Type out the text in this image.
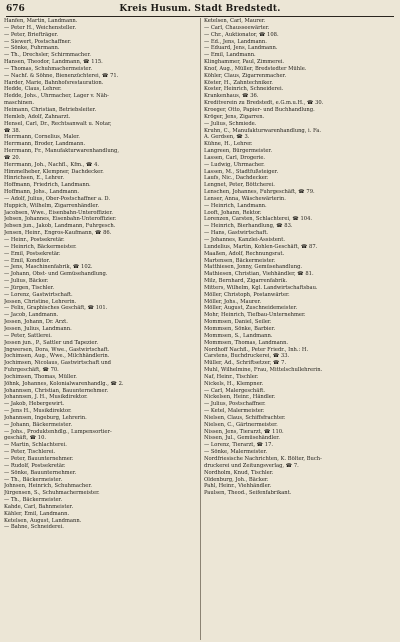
676	Kreis Husum. Stadt Bredstedt.
Hanfen, Martin, Landmann.
— Peter H., Weichensteller.
— Peter, Briefträger.
— Siewert, Postschaffner.
— Sönke, Fuhrmann.
— Th., Drechsler, Schirmmacher.
Hansen, Theodor, Landmann, ☎ 115.
— Thomas, Schuhmachermeister.
— Nachf. & Söhne, Bienenzüchterei, ☎ 71.
Harder, Marie, Bahnhofsrestauration.
Hedde, Claus, Lehrer.
Hedde, Johs., Uhrmacher, Lager v. Näh-
maschinen.
Heimann, Christian, Betriebsleiter.
Hemleb, Adolf, Zahnarzt.
Hensel, Carl, Dr., Rechtsanwalt u. Notar,
☎ 38.
Herrmann, Cornelius, Maler.
Herrmann, Broder, Landmann.
Herrmann, Fr., Manufakturwarenhandlung,
☎ 20.
Herrmann, Joh., Nachfl., Kfm., ☎ 4.
Himmelheber, Klempner, Dachdecker.
Hinrichsen, E., Lehrer.
Hoffmann, Friedrich, Landmann.
Hoffmann, Johs., Landmann.
— Adolf, Julius, Ober-Postschaffner a. D.
Huppich, Wilhelm, Zigarrenhändler.
Jacobsen, Wwe., Eisenbahn-Unteroffizier.
Jebsen, Johannes, Eisenbahn-Unteroffizier.
Jebsen jun., Jakob, Landmann, Fuhrgesch.
Jensen, Heinr., Engros-Kaufmann, ☎ 86.
— Heinr., Postsekretär.
— Heinrich, Bäckermeister.
— Emil, Postsekretär.
— Emil, Konditor.
— Jens, Maschinenfabrik, ☎ 102.
— Johann, Obst- und Gemüsehandlung.
— Julius, Bäcker.
— Jürgen, Tischler.
— Lorenz, Gastwirtschaft.
Jessen, Christine, Lehrerin.
— Felix, Graphisches Geschäft, ☎ 101.
— Jacob, Landmann.
Jessen, Johann, Dr. Arzt.
Jessen, Julius, Landmann.
— Peter, Sattlerei.
Jessen jun., P., Sattler und Tapezier.
Jngwersen, Dora, Wwe., Gastwirtschaft.
Jochimsen, Aug., Wwe., Milchhändlerin.
Jochimsen, Nicolaus, Gastwirtschaft und
Fuhrgeschäft, ☎ 70.
Jochimsen, Thomas, Müller.
Jöhnk, Johannes, Kolonialwarenhandlg., ☎ 2.
Johannsen, Christian, Bauunternehmer.
Johannsen, J. H., Musikdirektor.
— Jakob, Hebergewirt.
— Jens H., Musikdirektor.
Johannsen, Ingeburg, Lehrerin.
— Johann, Bäckermeister.
— Johs., Produktenhdlg., Lumpensortier-
geschäft, ☎ 10.
— Martin, Schlachterei.
— Peter, Tischlerei.
— Peter, Bauunternehmer.
— Rudolf, Postsekretär.
— Sönke, Bauunternehmer.
— Th., Bäckermeister.
Johnsen, Heinrich, Schuhmacher.
Jürgensen, S., Schuhmachermeister.
— Th., Bäckermeister.
Kahde, Carl, Bahnmeister.
Kähler, Emil, Landmann.
Ketelsen, August, Landmann.
— Bahne, Schneiderei.
Ketelsen, Carl, Maurer.
— Carl, Chausseewärter.
— Chr., Auktionator, ☎ 108.
— Ed., Jens, Landmann.
— Eduard, Jens, Landmann.
— Emil, Landmann.
Klinghammer, Paul, Zimmerei.
Knof, Aug., Müller, Bredstedter Mühle.
Köhler, Claus, Zigarrenmacher.
Köster, H., Zahntechniker.
Koster, Heinrich, Schneiderei.
Krankenhaus, ☎ 36.
Kreditverein zu Bredstedt, e.G.m.u.H., ☎ 30.
Kroeger, Otto, Papier- und Buchhandlung.
Kröger, Jens, Zigarren.
— Julius, Schmiede.
Kruhn, C., Manufakturwarenhandlung, i. Fa.
A. Gerdsen, ☎ 3.
Kühne, H., Lehrer.
Langreen, Bürgermeister.
Lassen, Carl, Drogerie.
— Ludwig, Uhrmacher.
Lassen, M., Stadtfußsteiger.
Laufs, Nic., Dachdecker.
Lengnet, Peter, Böttcherei.
Lenschen, Johannes, Fuhrgeschäft, ☎ 79.
Lenser, Anna, Wäschewärterin.
— Heinrich, Landmann.
Looft, Johann, Rektor.
Lorenzen, Carsten, Schlachterei, ☎ 104.
— Heinrich, Bierhandlung, ☎ 83.
— Hans, Gastwirtschaft.
— Johannes, Kanzlei-Assistent.
Lundelius, Martin, Kohlen-Geschäft, ☎ 87.
Maaßen, Adolf, Rechnungsrat.
Martensen, Bäckermeister.
Matthiesen, Jonny, Gemüsehandlung.
Mathiesen, Christian, Viehhändler, ☎ 81.
Milz, Bernhard, Zigarrenfabrik.
Mitters, Wilhelm, Kgl. Landwirtschaftsbau.
Möller, Christoph, Postanwärter.
Möller, Johs., Maurer.
Möller, August, Zuschneidemeister.
Mohr, Heinrich, Tiefbau-Unternehmer.
Mommsen, Daniel, Seiler.
Mommsen, Sönke, Barbier.
Mommsen, S., Landmann.
Mommsen, Thomas, Landmann.
Nordhoff Nachfl., Peter Friedr., Inh.: H.
Carstens, Buchdruckerei, ☎ 33.
Müller, Ad., Schriftsetzer, ☎ 7.
Muhl, Wilhelmine, Frau, Mittelschullehrerin.
Naf, Heinr., Tischler.
Nickels, H., Klempner.
— Carl, Malergeschäft.
Nickelsen, Heinr., Händler.
— Julius, Postschaffner.
— Ketel, Malermeister.
Nielsen, Claus, Schiffsfrachter.
Nielsen, C., Gärtnermeister.
Nissen, Jens, Tierarzt, ☎ 110.
Nissen, Jul., Gemüsehändler.
— Lorenz, Tierarzt, ☎ 17.
— Sönke, Malermeister.
Nordfriesische Nachrichten, K. Bölter, Buch-
druckerei und Zeitungsverlag, ☎ 7.
Nordholm, Knud, Tischler.
Oldenburg, Joh., Bäcker.
Pahl, Heinr., Viehhändler.
Paulsen, Theod., Seifenfabrikant.
